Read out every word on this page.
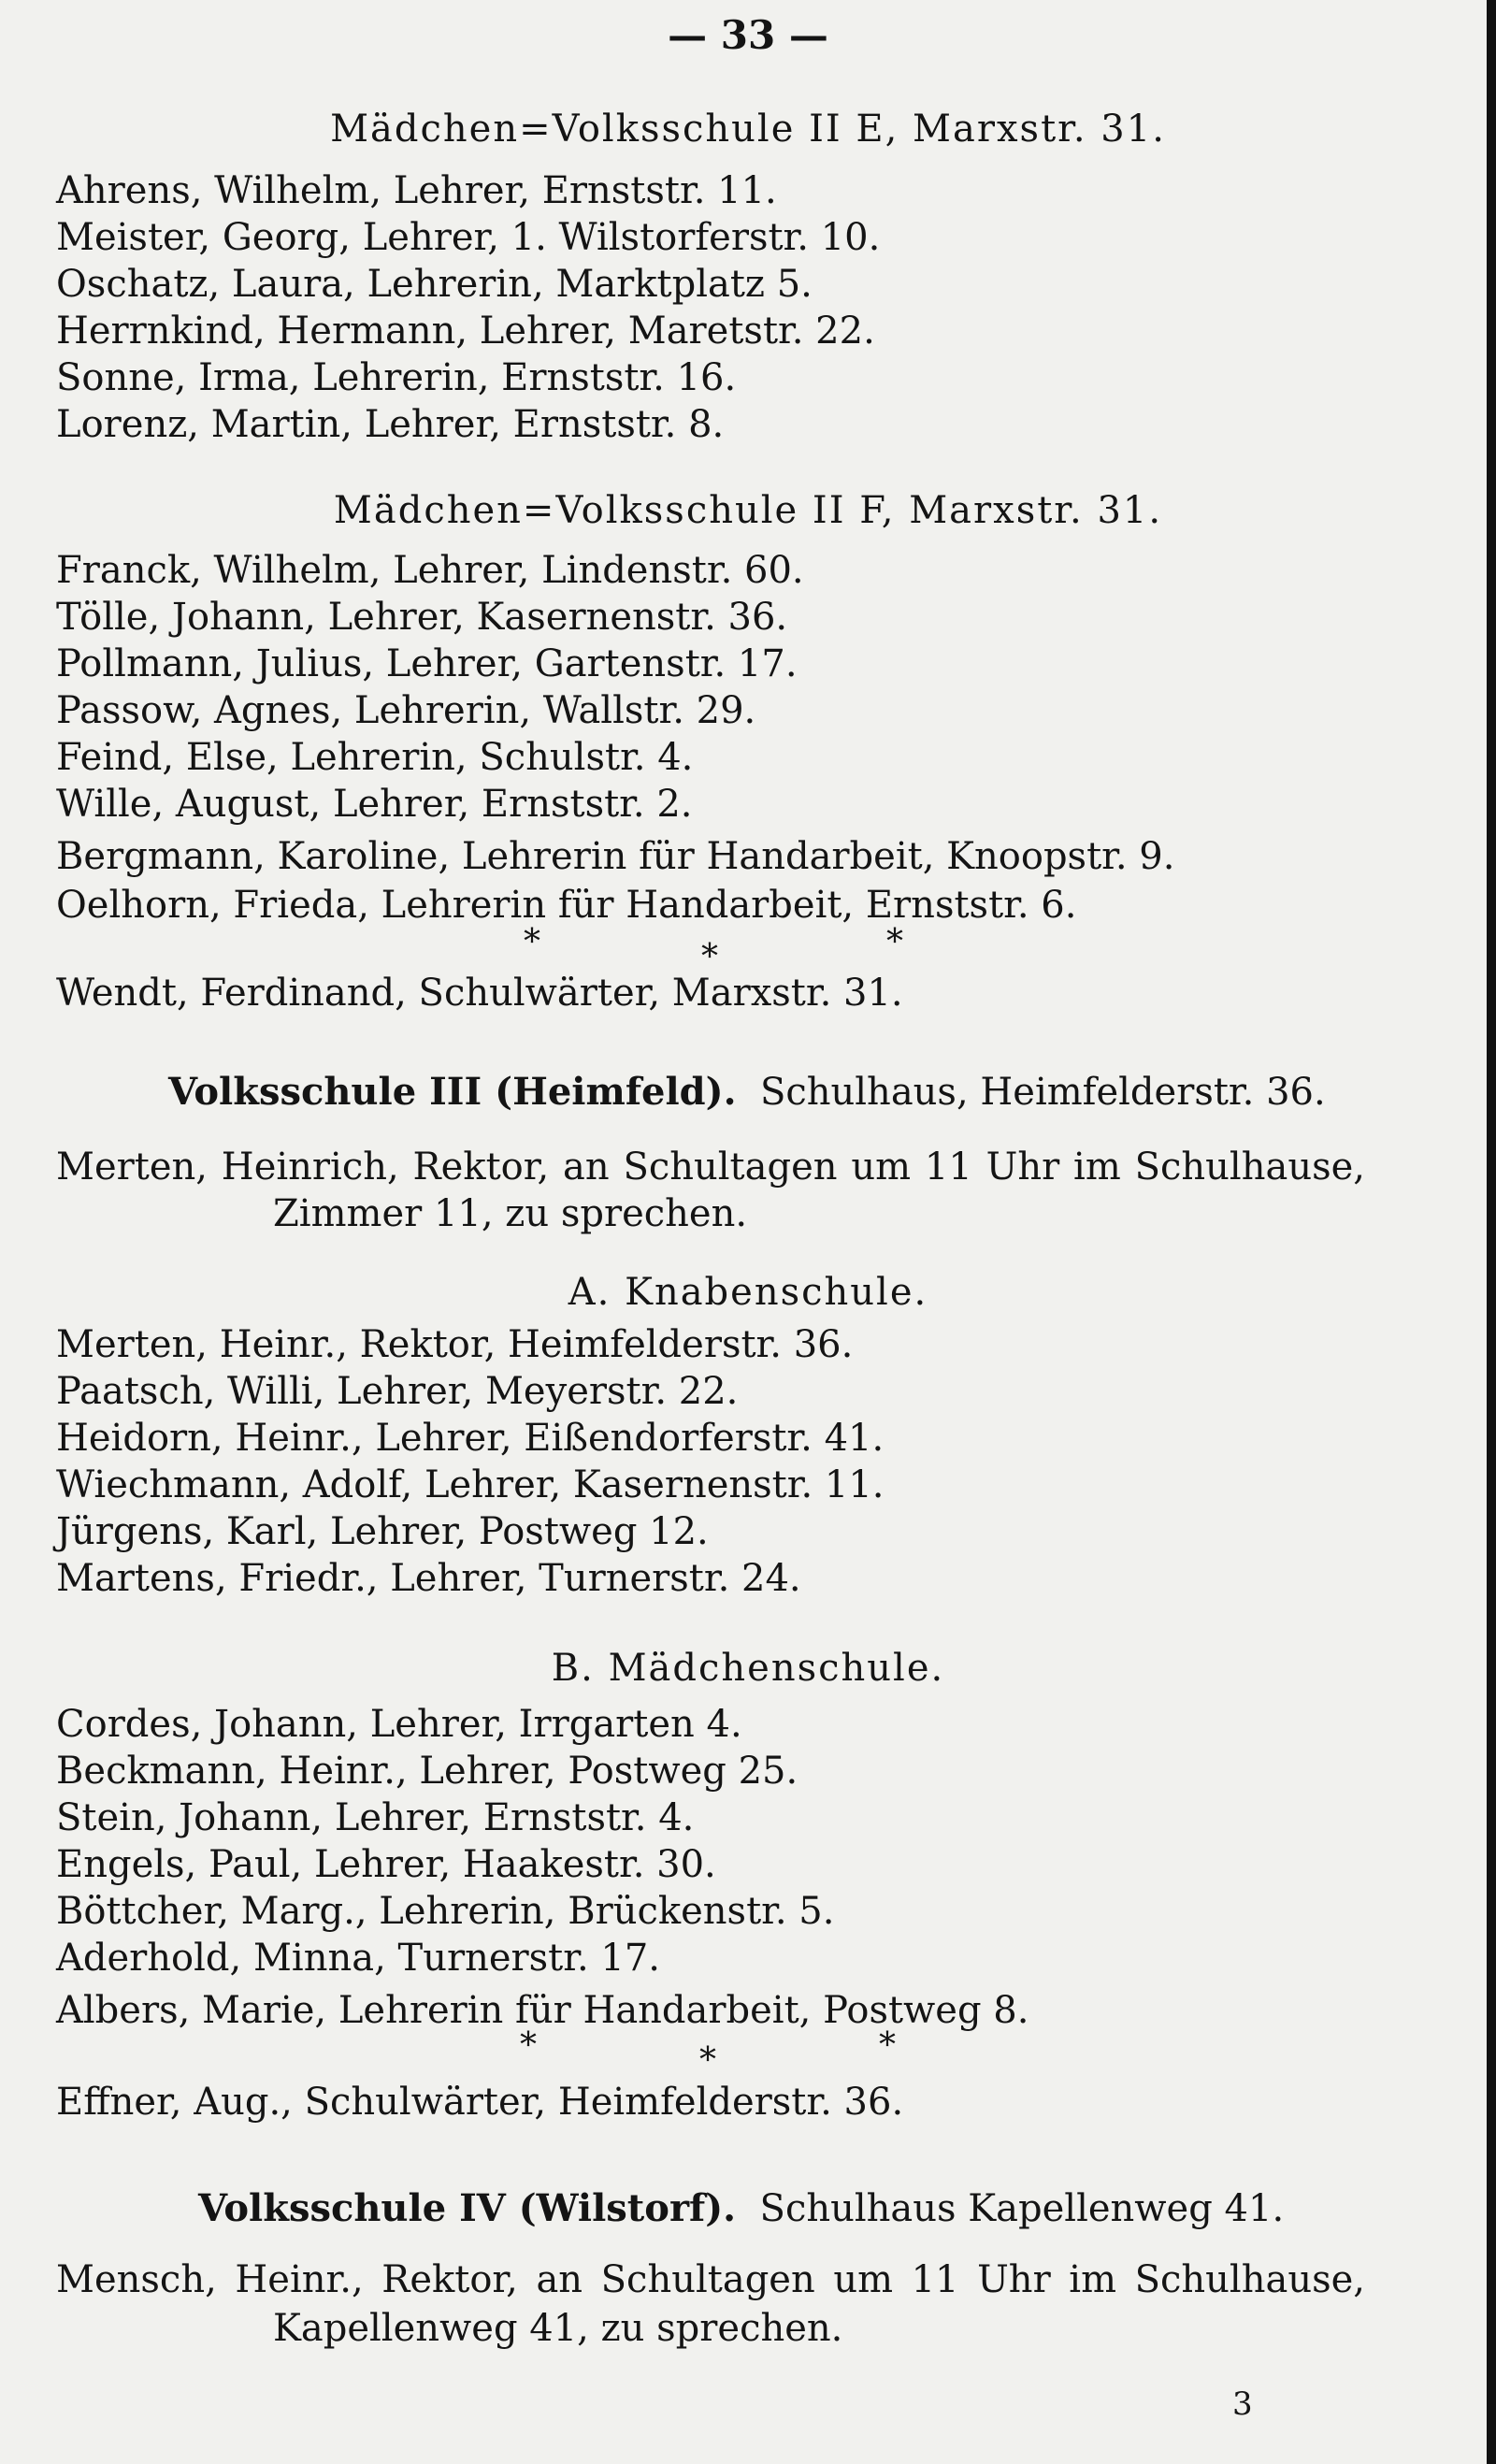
— 33 —
Mädchen=Volksschule II E, Marxstr. 31.
Ahrens, Wilhelm, Lehrer, Ernststr. 11.
Meister, Georg, Lehrer, 1. Wilstorferstr. 10.
Oschatz, Laura, Lehrerin, Marktplatz 5.
Herrnkind, Hermann, Lehrer, Maretstr. 22.
Sonne, Irma, Lehrerin, Ernststr. 16.
Lorenz, Martin, Lehrer, Ernststr. 8.
Mädchen=Volksschule II F, Marxstr. 31.
Franck, Wilhelm, Lehrer, Lindenstr. 60.
Tölle, Johann, Lehrer, Kasernenstr. 36.
Pollmann, Julius, Lehrer, Gartenstr. 17.
Passow, Agnes, Lehrerin, Wallstr. 29.
Feind, Else, Lehrerin, Schulstr. 4.
Wille, August, Lehrer, Ernststr. 2.
Bergmann, Karoline, Lehrerin für Handarbeit, Knoopstr. 9.
Oelhorn, Frieda, Lehrerin für Handarbeit, Ernststr. 6.
*	*	*
Wendt, Ferdinand, Schulwärter, Marxstr. 31.
Volksschule III (Heimfeld). Schulhaus, Heimfelderstr. 36.
Merten, Heinrich, Rektor, an Schultagen um 11 Uhr im Schulhause,
Zimmer 11, zu sprechen.
A. Knabenschule.
Merten, Heinr., Rektor, Heimfelderstr. 36.
Paatsch, Willi, Lehrer, Meyerstr. 22.
Heidorn, Heinr., Lehrer, Eißendorferstr. 41.
Wiechmann, Adolf, Lehrer, Kasernenstr. 11.
Jürgens, Karl, Lehrer, Postweg 12.
Martens, Friedr., Lehrer, Turnerstr. 24.
B. Mädchenschule.
Cordes, Johann, Lehrer, Irrgarten 4.
Beckmann, Heinr., Lehrer, Postweg 25.
Stein, Johann, Lehrer, Ernststr. 4.
Engels, Paul, Lehrer, Haakestr. 30.
Böttcher, Marg., Lehrerin, Brückenstr. 5.
Aderhold, Minna, Turnerstr. 17.
Albers, Marie, Lehrerin für Handarbeit, Postweg 8.
*	*	*
Effner, Aug., Schulwärter, Heimfelderstr. 36.
Volksschule IV (Wilstorf). Schulhaus Kapellenweg 41.
Mensch, Heinr., Rektor, an Schultagen um 11 Uhr im Schulhause,
Kapellenweg 41, zu sprechen.
3
